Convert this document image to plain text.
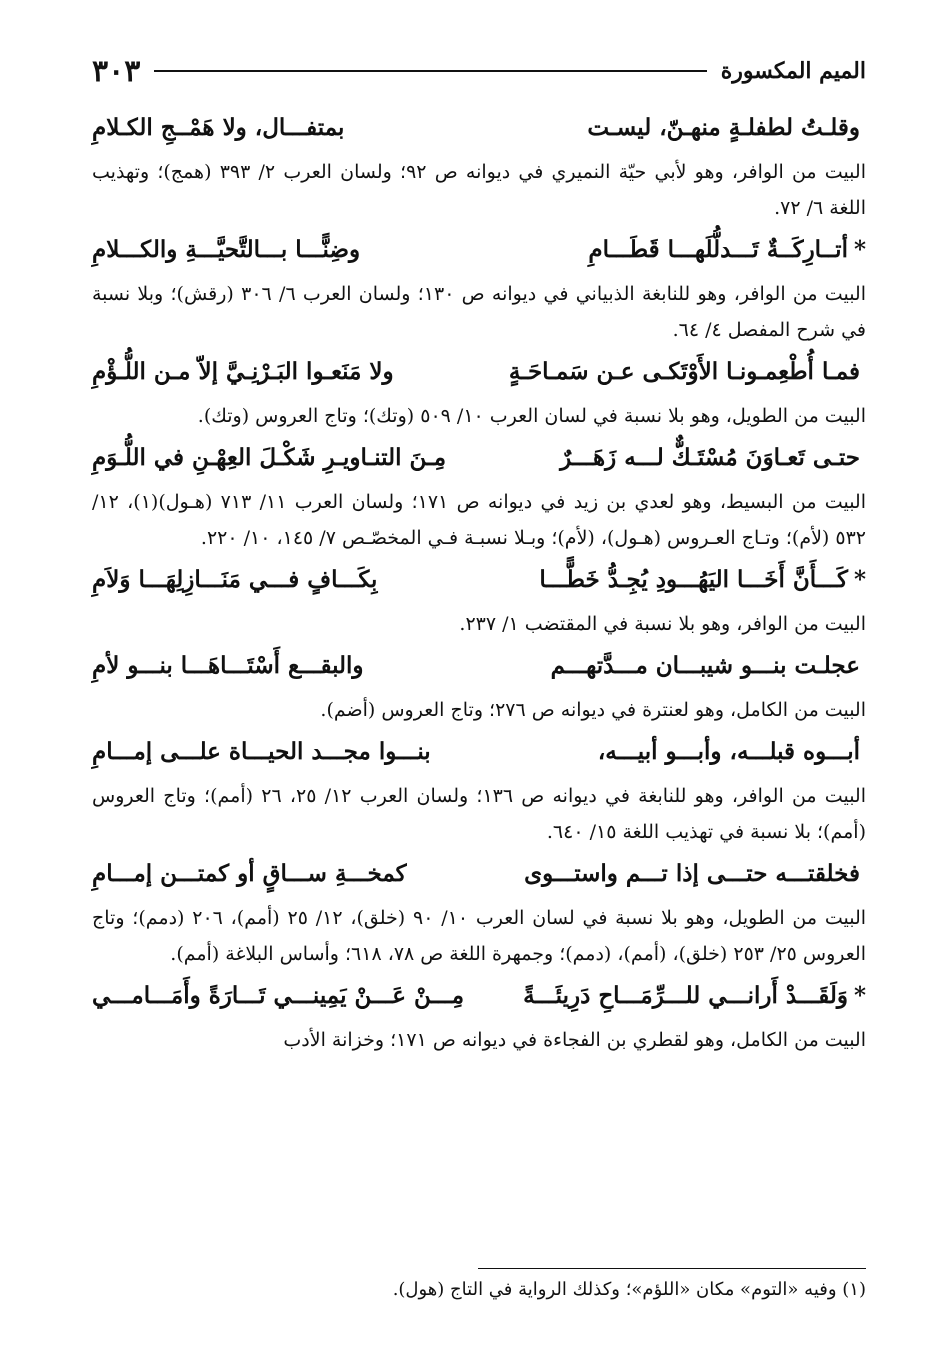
الميم المكسورة
٣٠٣
وقلـتُ لطفلـةٍ منهـنّ، ليسـت
بمتفـــال، ولا هَمْــجِ الكـلامِ

البيت من الوافر، وهو لأبي حيّة النميري في ديوانه ص ٩٢؛ ولسان العرب ٢/ ٣٩٣ (همج)؛ وتهذيب اللغة ٦/ ٧٢.

*أتــارِكَــةٌ تَـــدلُّلَهـــا قَطَـــامِ
وضِنًّـــا بـــالتَّحيَّـــةِ والكـــلامِ

البيت من الوافر، وهو للنابغة الذبياني في ديوانه ص ١٣٠؛ ولسان العرب ٦/ ٣٠٦ (رقش)؛ وبلا نسبة في شرح المفصل ٤/ ٦٤.

فمـا أُطْعِمـونـا الأَوْتَكـى عـن سَمـاحَـةٍ
ولا مَنَعـوا البَـرْنِـيَّ إلاّ مـن اللُّـؤْمِ

البيت من الطويل، وهو بلا نسبة في لسان العرب ١٠/ ٥٠٩ (وتك)؛ وتاج العروس (وتك).

حتـى تَعـاوَنَ مُسْتَـكٌّ لـــه زَهَـــرٌ
مِـنَ التنـاويـرِ شَكْـلَ العِهْـنِ في اللُّـوَمِ

البيت من البسيط، وهو لعدي بن زيد في ديوانه ص ١٧١؛ ولسان العرب ١١/ ٧١٣ (هـول)(١)، ١٢/ ٥٣٢ (لأم)؛ وتـاج العـروس (هـول)، (لأم)؛ وبـلا نسبـة فـي المخصّـص ٧/ ١٤٥، ١٠/ ٢٢٠.

*كَـــأَنَّ أَخَـــا اليَهُـــودِ يُجِـدُّ خَطًّـــا
بِكَـــافٍ فـــي مَنَـــازِلِهَـــا وَلاَمِ

البيت من الوافر، وهو بلا نسبة في المقتضب ١/ ٢٣٧.

عجلـت بنـــو شيبـــان مـــدَّتهـــم
والبقـــع أَسْتَـــاهَـــا بنـــو لأمِ

البيت من الكامل، وهو لعنترة في ديوانه ص ٢٧٦؛ وتاج العروس (أضم).

أبـــوه قبلـــه، وأبـــو أبيـــه،
بنـــوا مجـــد الحيـــاة علـــى إمـــامِ

البيت من الوافر، وهو للنابغة في ديوانه ص ١٣٦؛ ولسان العرب ١٢/ ٢٥، ٢٦ (أمم)؛ وتاج العروس (أمم)؛ بلا نسبة في تهذيب اللغة ١٥/ ٦٤٠.

فخلقتـــه حتـــى إذا تـــم واستـــوى
كمخـــةِ ســـاقٍ أو كمتـــن إمـــامِ

البيت من الطويل، وهو بلا نسبة في لسان العرب ١٠/ ٩٠ (خلق)، ١٢/ ٢٥ (أمم)، ٢٠٦ (دمم)؛ وتاج العروس ٢٥/ ٢٥٣ (خلق)، (أمم)، (دمم)؛ وجمهرة اللغة ص ٧٨، ٦١٨؛ وأساس البلاغة (أمم).

*وَلَقَـــدْ أَرانـــي للـــرِّمَـــاحِ دَرِيئَـــةً
مِـــنْ عَـــنْ يَمِينـــي تَـــارَةً وأَمَـــامـــي

البيت من الكامل، وهو لقطري بن الفجاءة في ديوانه ص ١٧١؛ وخزانة الأدب

(١) وفيه «التوم» مكان «اللؤم»؛ وكذلك الرواية في التاج (هول).
